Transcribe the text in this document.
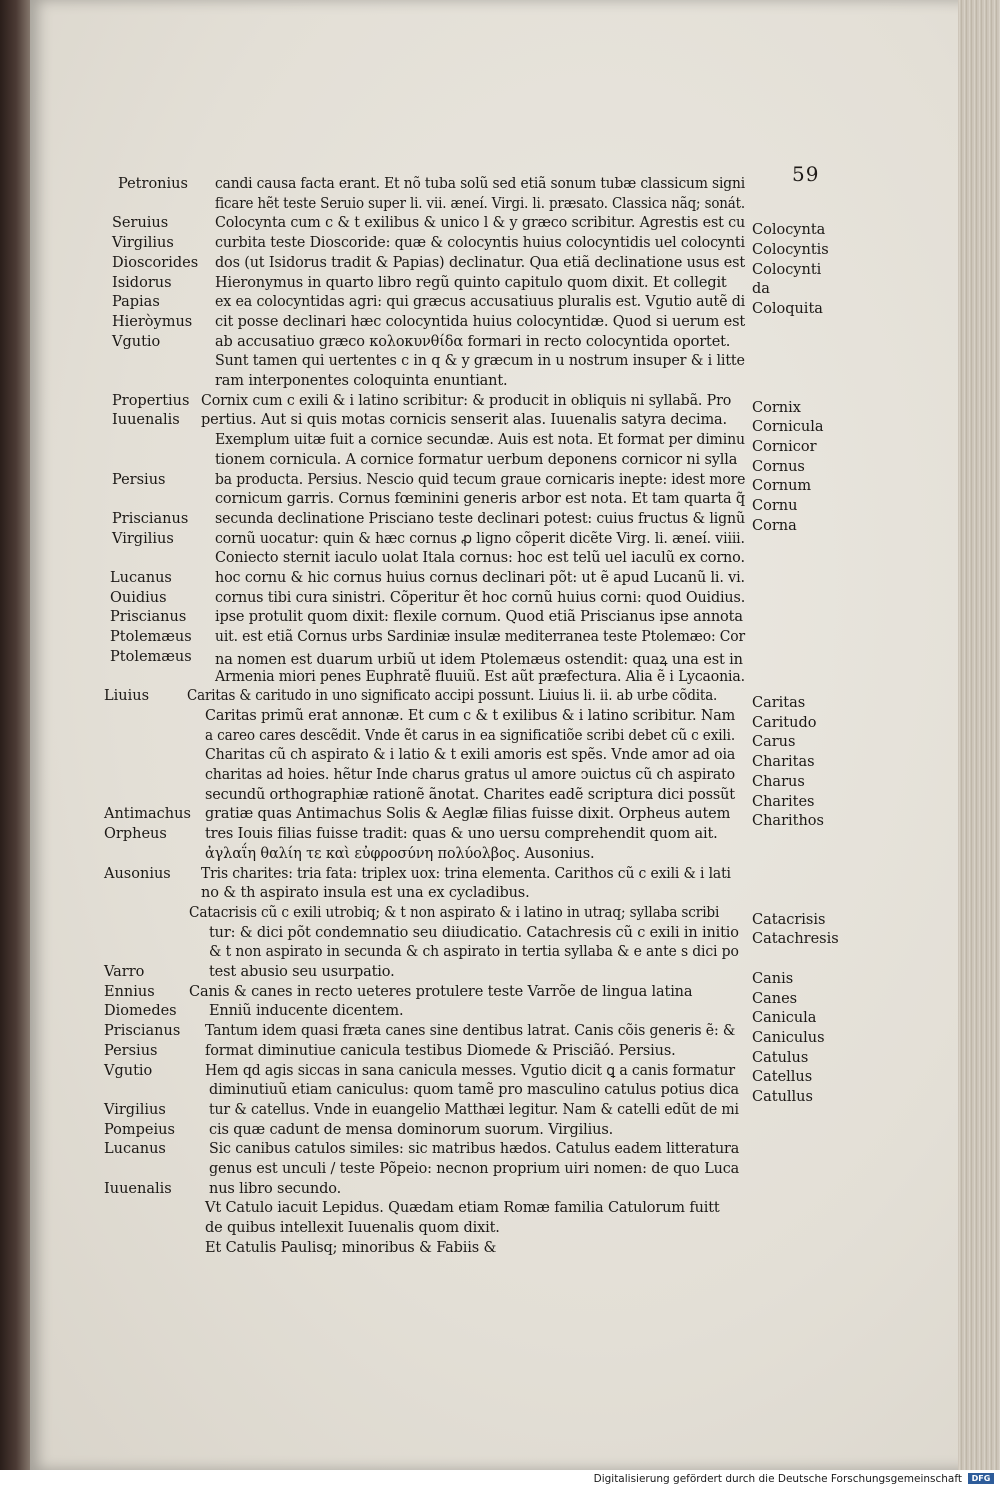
59
Petronius
Seruius
Virgilius
Dioscorides
Isidorus
Papias
Hieròymus
Vgutio
Propertius
Iuuenalis
Persius
Priscianus
Virgilius
Lucanus
Ouidius
Priscianus
Ptolemæus
Ptolemæus
Liuius
Antimachus
Orpheus
Ausonius
Varro
Ennius
Diomedes
Priscianus
Persius
Vgutio
Virgilius
Pompeius
Lucanus
Iuuenalis
candi causa facta erant. Et nõ tuba solũ sed etiã sonum tubæ classicum signi
ficare hẽt teste Seruio super li. vii. æneí. Virgi. li. præsato. Classica nãq; sonát.
Colocynta cum c & t exilibus & unico l & y græco scribitur. Agrestis est cu
curbita teste Dioscoride: quæ & colocyntis huius colocyntidis uel colocynti
dos (ut Isidorus tradit & Papias) declinatur. Qua etiã declinatione usus est
Hieronymus in quarto libro regũ quinto capitulo quom dixit. Et collegit
ex ea colocyntidas agri: qui græcus accusatiuus pluralis est. Vgutio autẽ di
cit posse declinari hæc colocyntida huius colocyntidæ. Quod si uerum est
ab accusatiuo græco κολοκυνθίδα formari in recto colocyntida oportet.
Sunt tamen qui uertentes c in q & y græcum in u nostrum insuper & i litte
ram interponentes coloquinta enuntiant.
Cornix cum c exili & i latino scribitur: & producit in obliquis ni syllabã. Pro
pertius. Aut si quis motas cornicis senserit alas. Iuuenalis satyra decima.
Exemplum uitæ fuit a cornice secundæ. Auis est nota. Et format per diminu
tionem cornicula. A cornice formatur uerbum deponens cornicor ni sylla
ba producta. Persius. Nescio quid tecum graue cornicaris inepte: idest more
cornicum garris. Cornus fœminini generis arbor est nota. Et tam quarta q̃
secunda declinatione Prisciano teste declinari potest: cuius fructus & lignũ
cornũ uocatur: quin & hæc cornus ꝓ ligno cõperit dicẽte Virg. li. æneí. viiii.
Coniecto sternit iaculo uolat Itala cornus: hoc est telũ uel iaculũ ex corno.
hoc cornu & hic cornus huius cornus declinari põt: ut ẽ apud Lucanũ li. vi.
cornus tibi cura sinistri. Cõperitur ẽt hoc cornũ huius corni: quod Ouidius.
ipse protulit quom dixit: flexile cornum. Quod etiã Priscianus ipse annota
uit. est etiã Cornus urbs Sardiniæ insulæ mediterranea teste Ptolemæo: Cor
na nomen est duarum urbiũ ut idem Ptolemæus ostendit: quaꝝ una est in
Armenia miori penes Euphratẽ fluuiũ. Est aũt præfectura. Alia ẽ i Lycaonia.
Caritas & caritudo in uno significato accipi possunt. Liuius li. ii. ab urbe cõdita.
Caritas primũ erat annonæ. Et cum c & t exilibus & i latino scribitur. Nam
a careo cares descẽdit. Vnde ẽt carus in ea significatiõe scribi debet cũ c exili.
Charitas cũ ch aspirato & i latio & t exili amoris est spẽs. Vnde amor ad oia
charitas ad hoies. hẽtur Inde charus gratus ul amore ↄuictus cũ ch aspirato
secundũ orthographiæ rationẽ ãnotat. Charites eadẽ scriptura dici possũt
gratiæ quas Antimachus Solis & Aeglæ filias fuisse dixit. Orpheus autem
tres Iouis filias fuisse tradit: quas & uno uersu comprehendit quom ait.
ἀγλαΐη θαλίη τε καὶ εὐφροσύνη πολύολβος. Ausonius.
Tris charites: tria fata: triplex uox: trina elementa. Carithos cũ c exili & i lati
no & th aspirato insula est una ex cycladibus.
Catacrisis cũ c exili utrobiq; & t non aspirato & i latino in utraq; syllaba scribi
tur: & dici põt condemnatio seu diiudicatio. Catachresis cũ c exili in initio
& t non aspirato in secunda & ch aspirato in tertia syllaba & e ante s dici po
test abusio seu usurpatio.
Canis & canes in recto ueteres protulere teste Varrõe de lingua latina
Enniũ inducente dicentem.
Tantum idem quasi fræta canes sine dentibus latrat. Canis cõis generis ẽ: &
format diminutiue canicula testibus Diomede & Prisciãó. Persius.
Hem qd agis siccas in sana canicula messes. Vgutio dicit ꝗ a canis formatur
diminutiuũ etiam caniculus: quom tamẽ pro masculino catulus potius dica
tur & catellus. Vnde in euangelio Matthæi legitur. Nam & catelli edũt de mi
cis quæ cadunt de mensa dominorum suorum. Virgilius.
Sic canibus catulos similes: sic matribus hædos. Catulus eadem litteratura
genus est unculi / teste Põpeio: necnon proprium uiri nomen: de quo Luca
nus libro secundo.
Vt Catulo iacuit Lepidus. Quædam etiam Romæ familia Catulorum fuitt
de quibus intellexit Iuuenalis quom dixit.
Et Catulis Paulisq; minoribus & Fabiis &
Colocynta
Colocyntis
Colocynti
da
Coloquita
Cornix
Cornicula
Cornicor
Cornus
Cornum
Cornu
Corna
Caritas
Caritudo
Carus
Charitas
Charus
Charites
Charithos
Catacrisis
Catachresis
Canis
Canes
Canicula
Caniculus
Catulus
Catellus
Catullus
Digitalisierung gefördert durch die Deutsche Forschungsgemeinschaft	DFG
